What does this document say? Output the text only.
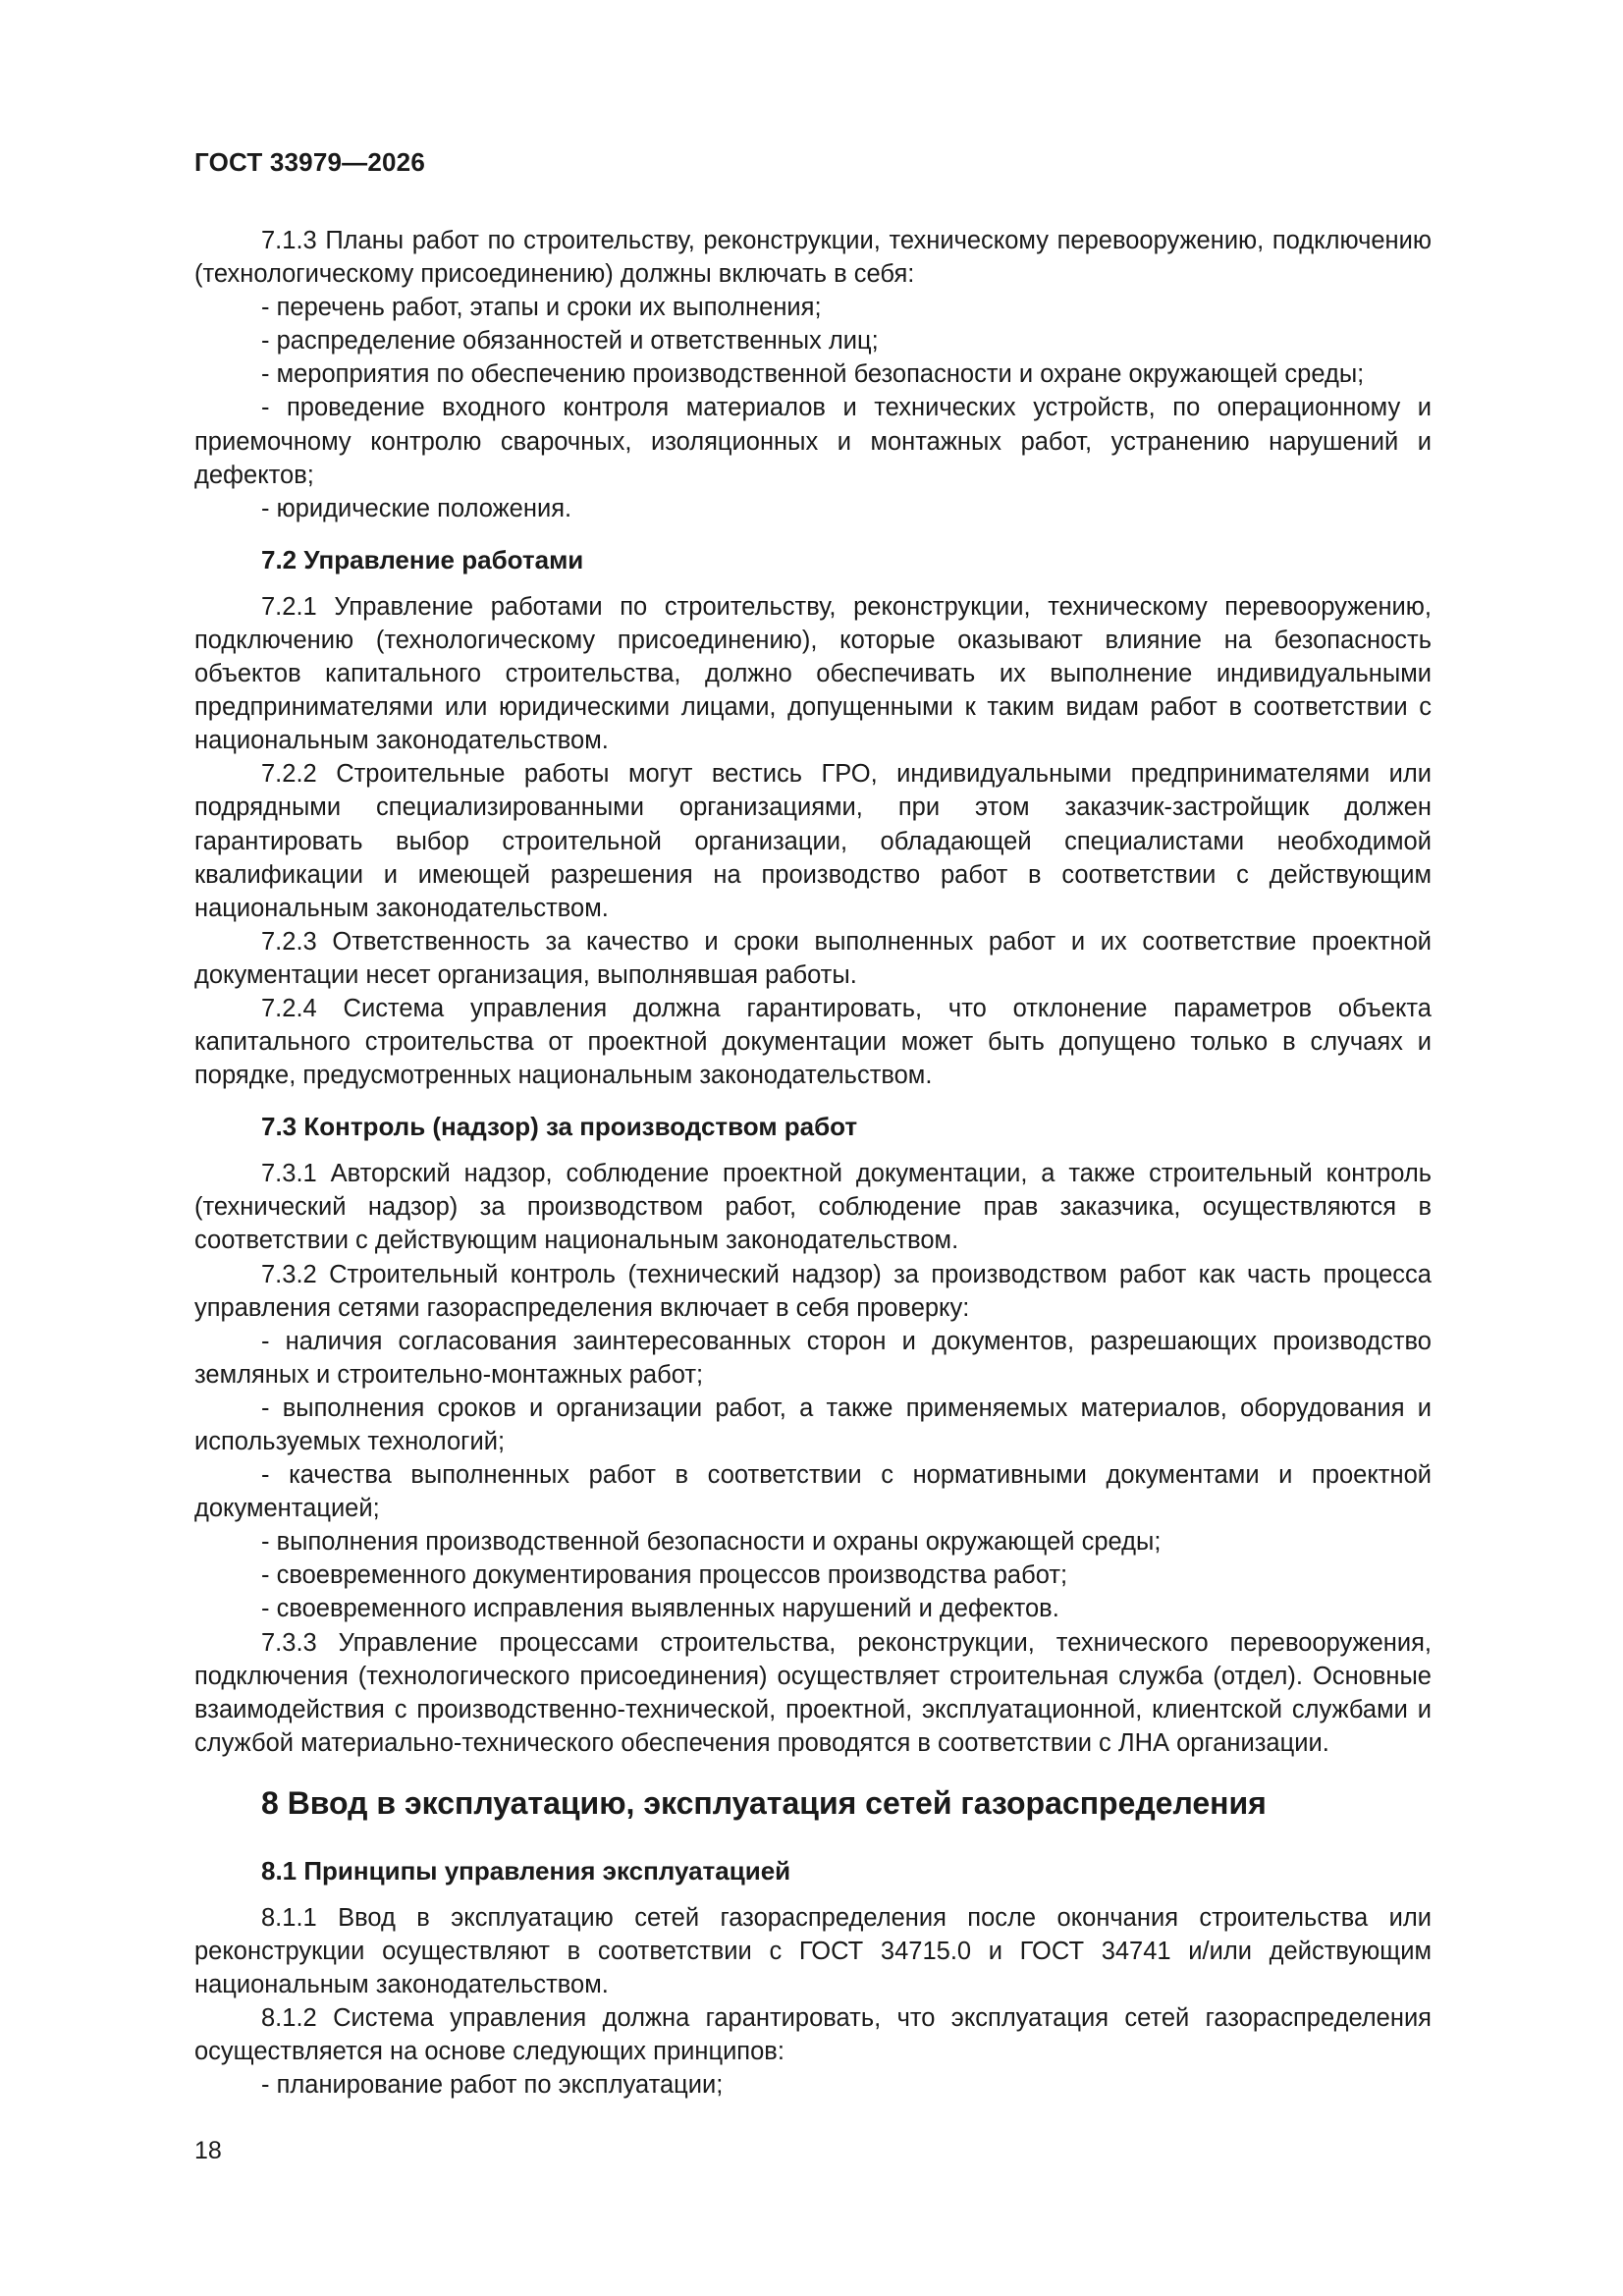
ГОСТ 33979—2026

7.1.3 Планы работ по строительству, реконструкции, техническому перевооружению, подключению (технологическому присоединению) должны включать в себя:

- перечень работ, этапы и сроки их выполнения;

- распределение обязанностей и ответственных лиц;

- мероприятия по обеспечению производственной безопасности и охране окружающей среды;

- проведение входного контроля материалов и технических устройств, по операционному и приемочному контролю сварочных, изоляционных и монтажных работ, устранению нарушений и дефектов;

- юридические положения.

7.2 Управление работами

7.2.1 Управление работами по строительству, реконструкции, техническому перевооружению, подключению (технологическому присоединению), которые оказывают влияние на безопасность объектов капитального строительства, должно обеспечивать их выполнение индивидуальными предпринимателями или юридическими лицами, допущенными к таким видам работ в соответствии с национальным законодательством.

7.2.2 Строительные работы могут вестись ГРО, индивидуальными предпринимателями или подрядными специализированными организациями, при этом заказчик-застройщик должен гарантировать выбор строительной организации, обладающей специалистами необходимой квалификации и имеющей разрешения на производство работ в соответствии с действующим национальным законодательством.

7.2.3 Ответственность за качество и сроки выполненных работ и их соответствие проектной документации несет организация, выполнявшая работы.

7.2.4 Система управления должна гарантировать, что отклонение параметров объекта капитального строительства от проектной документации может быть допущено только в случаях и порядке, предусмотренных национальным законодательством.

7.3 Контроль (надзор) за производством работ

7.3.1 Авторский надзор, соблюдение проектной документации, а также строительный контроль (технический надзор) за производством работ, соблюдение прав заказчика, осуществляются в соответствии с действующим национальным законодательством.

7.3.2 Строительный контроль (технический надзор) за производством работ как часть процесса управления сетями газораспределения включает в себя проверку:

- наличия согласования заинтересованных сторон и документов, разрешающих производство земляных и строительно-монтажных работ;

- выполнения сроков и организации работ, а также применяемых материалов, оборудования и используемых технологий;

- качества выполненных работ в соответствии с нормативными документами и проектной документацией;

- выполнения производственной безопасности и охраны окружающей среды;

- своевременного документирования процессов производства работ;

- своевременного исправления выявленных нарушений и дефектов.

7.3.3 Управление процессами строительства, реконструкции, технического перевооружения, подключения (технологического присоединения) осуществляет строительная служба (отдел). Основные взаимодействия с производственно-технической, проектной, эксплуатационной, клиентской службами и службой материально-технического обеспечения проводятся в соответствии с ЛНА организации.

8 Ввод в эксплуатацию, эксплуатация сетей газораспределения
8.1 Принципы управления эксплуатацией

8.1.1 Ввод в эксплуатацию сетей газораспределения после окончания строительства или реконструкции осуществляют в соответствии с ГОСТ 34715.0 и ГОСТ 34741 и/или действующим национальным законодательством.

8.1.2 Система управления должна гарантировать, что эксплуатация сетей газораспределения осуществляется на основе следующих принципов:

- планирование работ по эксплуатации;

18
